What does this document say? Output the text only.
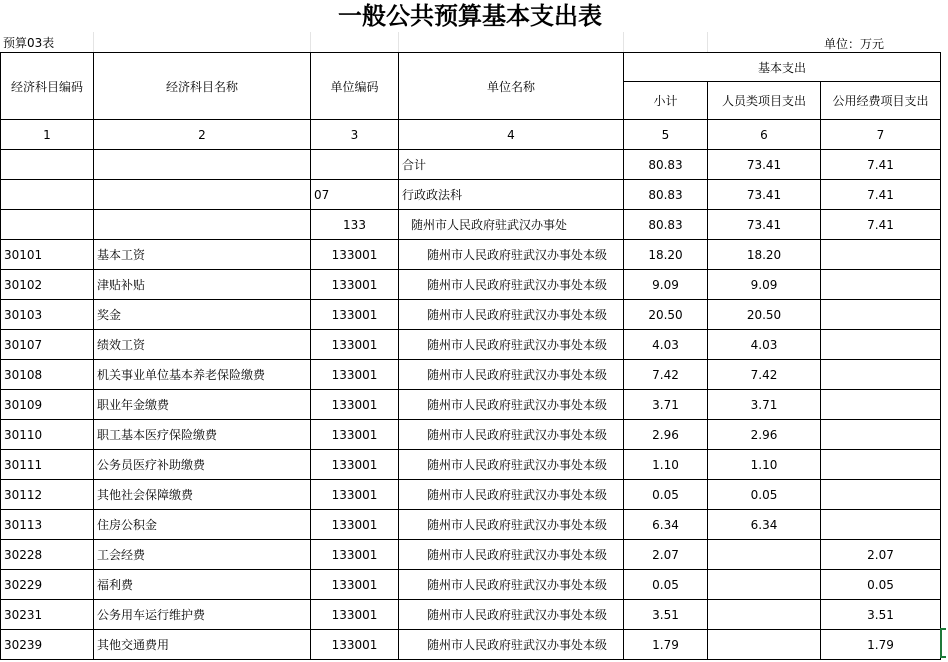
一般公共预算基本支出表
预算03表	单位：万元
经济科目编码	经济科目名称	单位编码	单位名称	基本支出		
				小计	人员类项目支出	公用经费项目支出
1	2	3	4	5	6	7
			合计	80.83	73.41	7.41
		07	行政政法科	80.83	73.41	7.41
		133	随州市人民政府驻武汉办事处	80.83	73.41	7.41
30101	基本工资	133001	随州市人民政府驻武汉办事处本级	18.20	18.20	
30102	津贴补贴	133001	随州市人民政府驻武汉办事处本级	9.09	9.09	
30103	奖金	133001	随州市人民政府驻武汉办事处本级	20.50	20.50	
30107	绩效工资	133001	随州市人民政府驻武汉办事处本级	4.03	4.03	
30108	机关事业单位基本养老保险缴费	133001	随州市人民政府驻武汉办事处本级	7.42	7.42	
30109	职业年金缴费	133001	随州市人民政府驻武汉办事处本级	3.71	3.71	
30110	职工基本医疗保险缴费	133001	随州市人民政府驻武汉办事处本级	2.96	2.96	
30111	公务员医疗补助缴费	133001	随州市人民政府驻武汉办事处本级	1.10	1.10	
30112	其他社会保障缴费	133001	随州市人民政府驻武汉办事处本级	0.05	0.05	
30113	住房公积金	133001	随州市人民政府驻武汉办事处本级	6.34	6.34	
30228	工会经费	133001	随州市人民政府驻武汉办事处本级	2.07		2.07
30229	福利费	133001	随州市人民政府驻武汉办事处本级	0.05		0.05
30231	公务用车运行维护费	133001	随州市人民政府驻武汉办事处本级	3.51		3.51
30239	其他交通费用	133001	随州市人民政府驻武汉办事处本级	1.79		1.79
